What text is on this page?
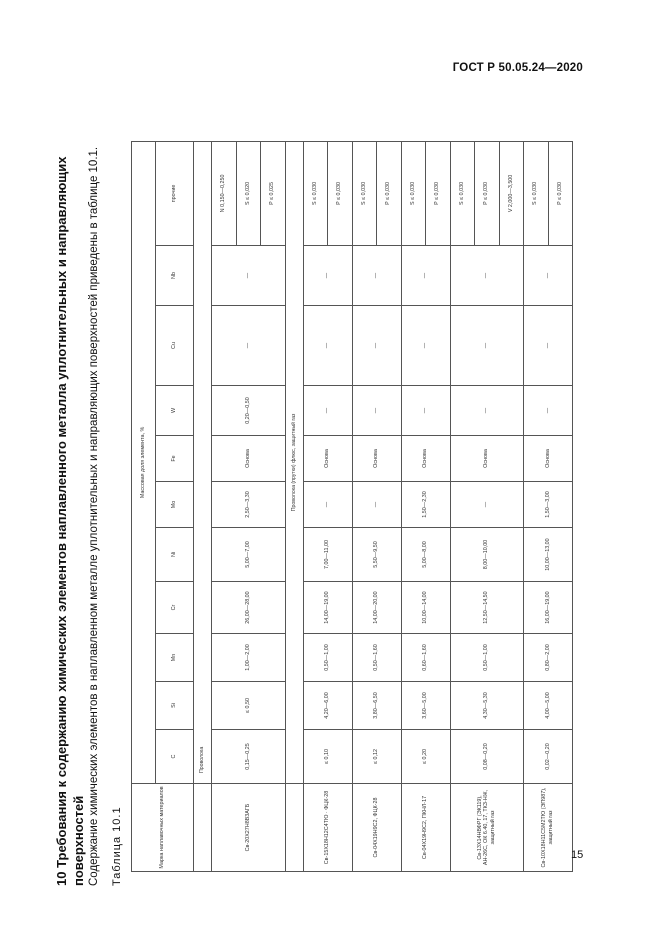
ГОСТ Р 50.05.24—2020
10 Требования к содержанию химических элементов наплавленного металла уплотнительных и направляющих поверхностей Содержание химических элементов в наплавленном металле уплотнительных и направляющих поверхностей приведены в таблице 10.1. Таблица 10.1	Марка наплавочных материалов	Массовая доля элемента, %										
	C	Si	Mn	Cr	Ni	Mo	Fe	W	Cu	Nb	прочие
	Проволока										
Св-20Х27Н8В3АГБ	0,15—0,25	≤ 0,50	1,00—2,00	26,00—28,00	5,00—7,00	2,50—3,30	Основа	0,20—0,50	—	—	N 0,150—0,250
											S ≤ 0,020
											P ≤ 0,025
	Проволока (прутки) флюс, защитный газ										
Св-15Х18Н12С4ТЮ · ФЦК-28	≤ 0,10	4,20—6,00	0,50—1,00	14,00—19,00	7,00—11,00	—	Основа	—	—	—	S ≤ 0,030
											P ≤ 0,030
Св-04Х19Н9С2, ФЦК-28	≤ 0,12	3,80—6,50	0,50—1,60	14,00—20,00	5,50—9,50	—	Основа	—	—	—	S ≤ 0,030
											P ≤ 0,030
Св-04Х19Н9С2, ПКНЛ-17	≤ 0,20	3,60—5,00	0,60—1,60	10,00—14,00	5,00—8,00	1,50—2,30	Основа	—	—	—	S ≤ 0,030
											P ≤ 0,030
Св-13Х14НВФРГ (ЭК119), АН-26С, ОК 6.40, 17, ТКЗ-НЖ, защитный газ	0,08—0,20	4,30—5,30	0,50—1,00	12,50—14,50	8,00—10,00	—	Основа	—	—	—	S ≤ 0,030
											P ≤ 0,030
											V 2,000—3,500
Св-10Х18Н11С5М2ТЮ (ЭП987), защитный газ	0,02—0,20	4,00—5,00	0,80—2,00	16,00—19,00	10,00—13,00	1,50—3,00	Основа	—	—	—	S ≤ 0,030
											P ≤ 0,030
15
